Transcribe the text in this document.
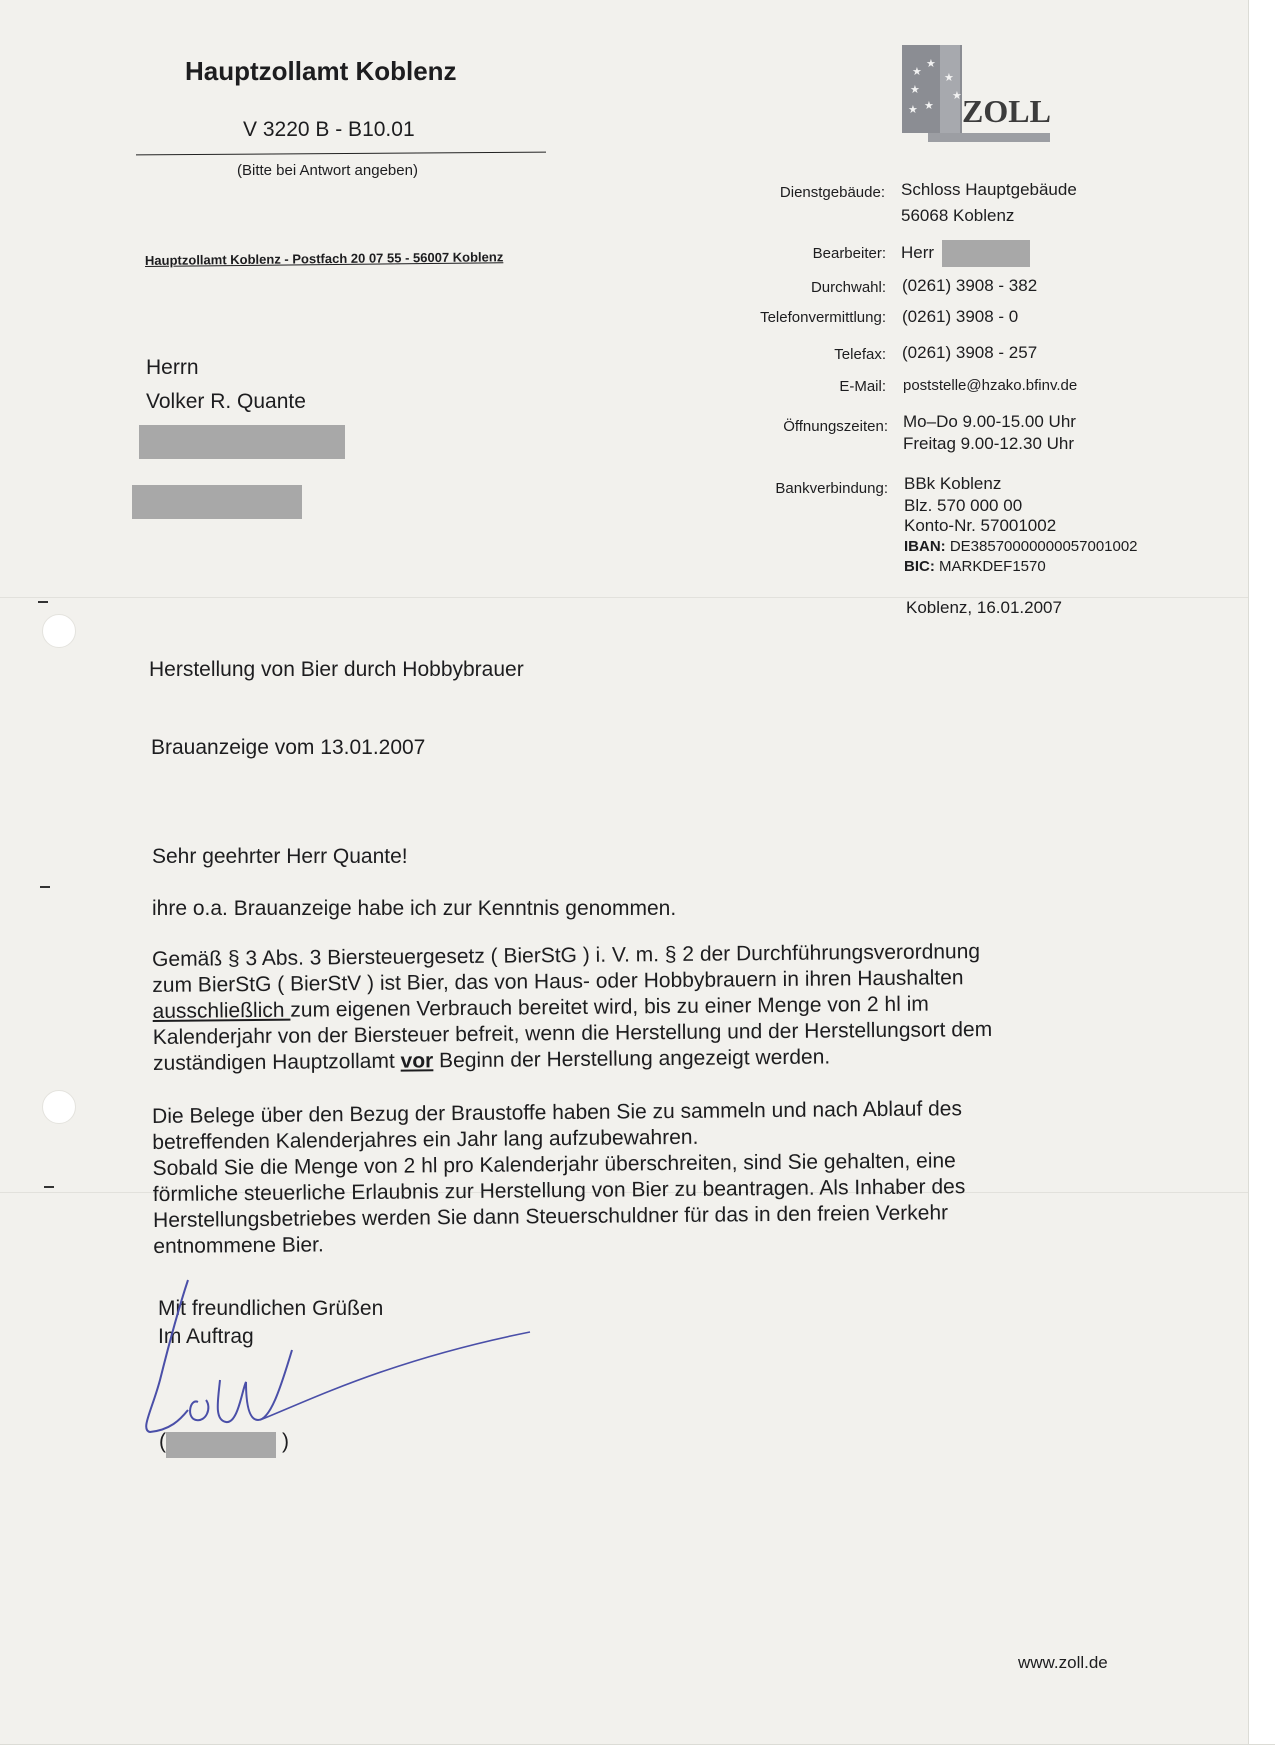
Hauptzollamt Koblenz
V 3220 B - B10.01
(Bitte bei Antwort angeben)
Hauptzollamt Koblenz - Postfach 20 07 55 - 56007 Koblenz
★
★
★
★
★
★
★ ZOLL
Herrn
Volker R. Quante
Dienstgebäude: Schloss Hauptgebäude
56068 Koblenz
Bearbeiter: Herr
Durchwahl: (0261) 3908 - 382
Telefonvermittlung: (0261) 3908 - 0
Telefax: (0261) 3908 - 257
E-Mail: poststelle@hzako.bfinv.de
Öffnungszeiten: Mo–Do 9.00-15.00 Uhr
Freitag 9.00-12.30 Uhr
Bankverbindung: BBk Koblenz
Blz. 570 000 00
Konto-Nr. 57001002
IBAN: DE38570000000057001002
BIC: MARKDEF1570
Koblenz, 16.01.2007
Herstellung von Bier durch Hobbybrauer
Brauanzeige vom 13.01.2007
Sehr geehrter Herr Quante!
ihre o.a. Brauanzeige habe ich zur Kenntnis genommen.
Gemäß § 3 Abs. 3 Biersteuergesetz ( BierStG ) i. V. m. § 2 der Durchführungsverordnung
zum BierStG ( BierStV ) ist Bier, das von Haus- oder Hobbybrauern in ihren Haushalten
ausschließlich zum eigenen Verbrauch bereitet wird, bis zu einer Menge von 2 hl im
Kalenderjahr von der Biersteuer befreit, wenn die Herstellung und der Herstellungsort dem
zuständigen Hauptzollamt vor Beginn der Herstellung angezeigt werden.
Die Belege über den Bezug der Braustoffe haben Sie zu sammeln und nach Ablauf des
betreffenden Kalenderjahres ein Jahr lang aufzubewahren.
Sobald Sie die Menge von 2 hl pro Kalenderjahr überschreiten, sind Sie gehalten, eine
förmliche steuerliche Erlaubnis zur Herstellung von Bier zu beantragen. Als Inhaber des
Herstellungsbetriebes werden Sie dann Steuerschuldner für das in den freien Verkehr
entnommene Bier.
Mit freundlichen Grüßen
Im Auftrag
(	)
www.zoll.de
